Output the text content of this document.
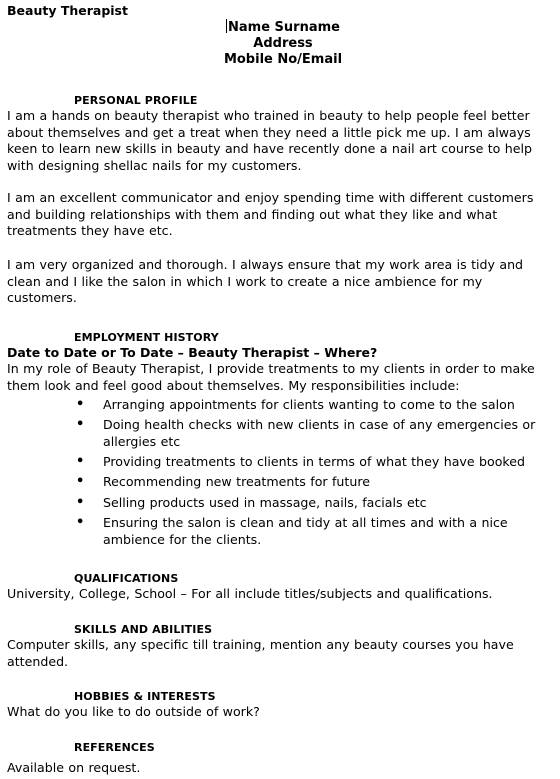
Beauty Therapist
Name Surname
Address
Mobile No/Email
PERSONAL PROFILE
I am a hands on beauty therapist who trained in beauty to help people feel better about themselves and get a treat when they need a little pick me up. I am always keen to learn new skills in beauty and have recently done a nail art course to help with designing shellac nails for my customers.
I am an excellent communicator and enjoy spending time with different customers and building relationships with them and finding out what they like and what treatments they have etc.
I am very organized and thorough. I always ensure that my work area is tidy and clean and I like the salon in which I work to create a nice ambience for my customers.
EMPLOYMENT HISTORY
Date to Date or To Date – Beauty Therapist – Where?
In my role of Beauty Therapist, I provide treatments to my clients in order to make them look and feel good about themselves. My responsibilities include:
• Arranging appointments for clients wanting to come to the salon
• Doing health checks with new clients in case of any emergencies or allergies etc
• Providing treatments to clients in terms of what they have booked
• Recommending new treatments for future
• Selling products used in massage, nails, facials etc
• Ensuring the salon is clean and tidy at all times and with a nice ambience for the clients.
QUALIFICATIONS
University, College, School – For all include titles/subjects and qualifications.
SKILLS AND ABILITIES
Computer skills, any specific till training, mention any beauty courses you have attended.
HOBBIES & INTERESTS
What do you like to do outside of work?
REFERENCES
Available on request.
